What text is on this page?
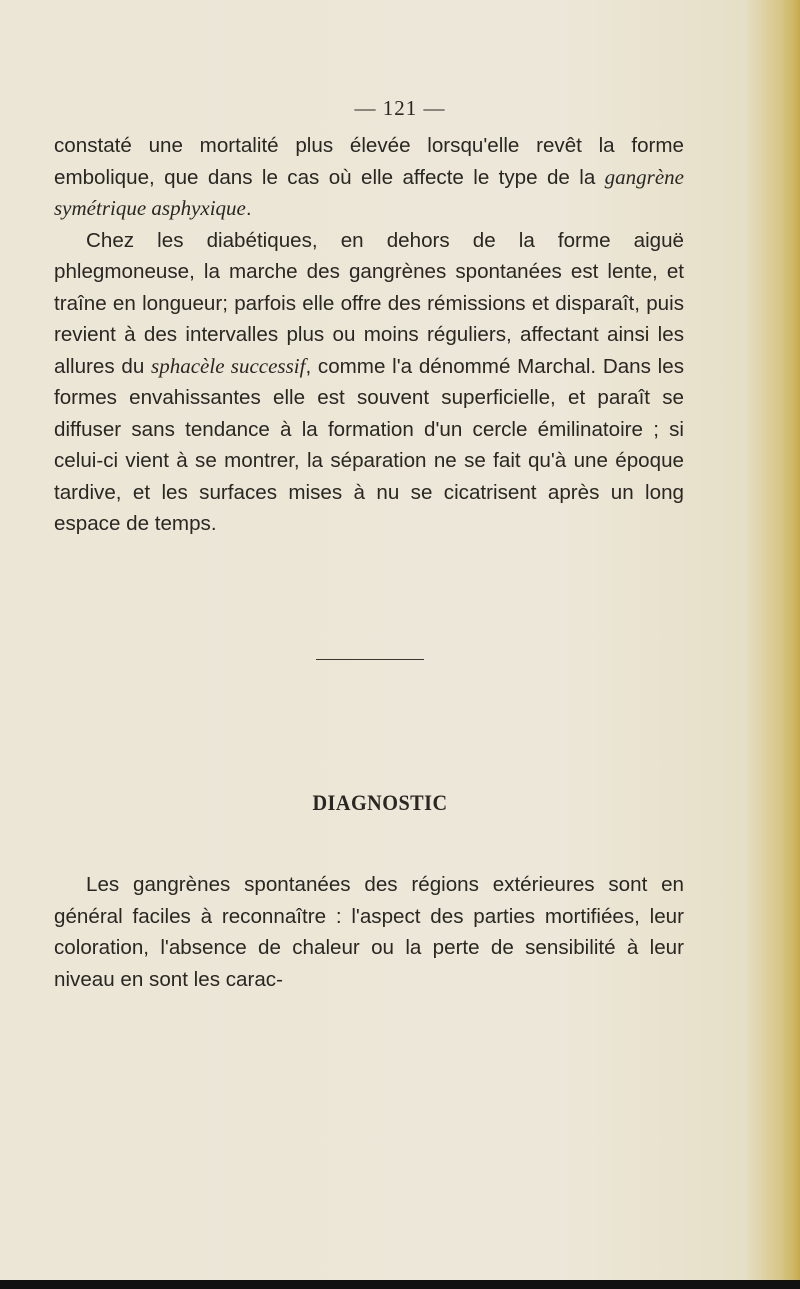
— 121 —

constaté une mortalité plus élevée lorsqu'elle revêt la forme embolique, que dans le cas où elle affecte le type de la gangrène symétrique asphyxique.

Chez les diabétiques, en dehors de la forme aiguë phlegmoneuse, la marche des gangrènes spontanées est lente, et traîne en longueur; parfois elle offre des rémissions et disparaît, puis revient à des intervalles plus ou moins réguliers, affectant ainsi les allures du sphacèle successif, comme l'a dénommé Marchal. Dans les formes envahissantes elle est souvent superficielle, et paraît se diffuser sans tendance à la formation d'un cercle émilinatoire ; si celui-ci vient à se montrer, la séparation ne se fait qu'à une époque tardive, et les surfaces mises à nu se cicatrisent après un long espace de temps.

DIAGNOSTIC

Les gangrènes spontanées des régions extérieures sont en général faciles à reconnaître : l'aspect des parties mortifiées, leur coloration, l'absence de chaleur ou la perte de sensibilité à leur niveau en sont les carac-
